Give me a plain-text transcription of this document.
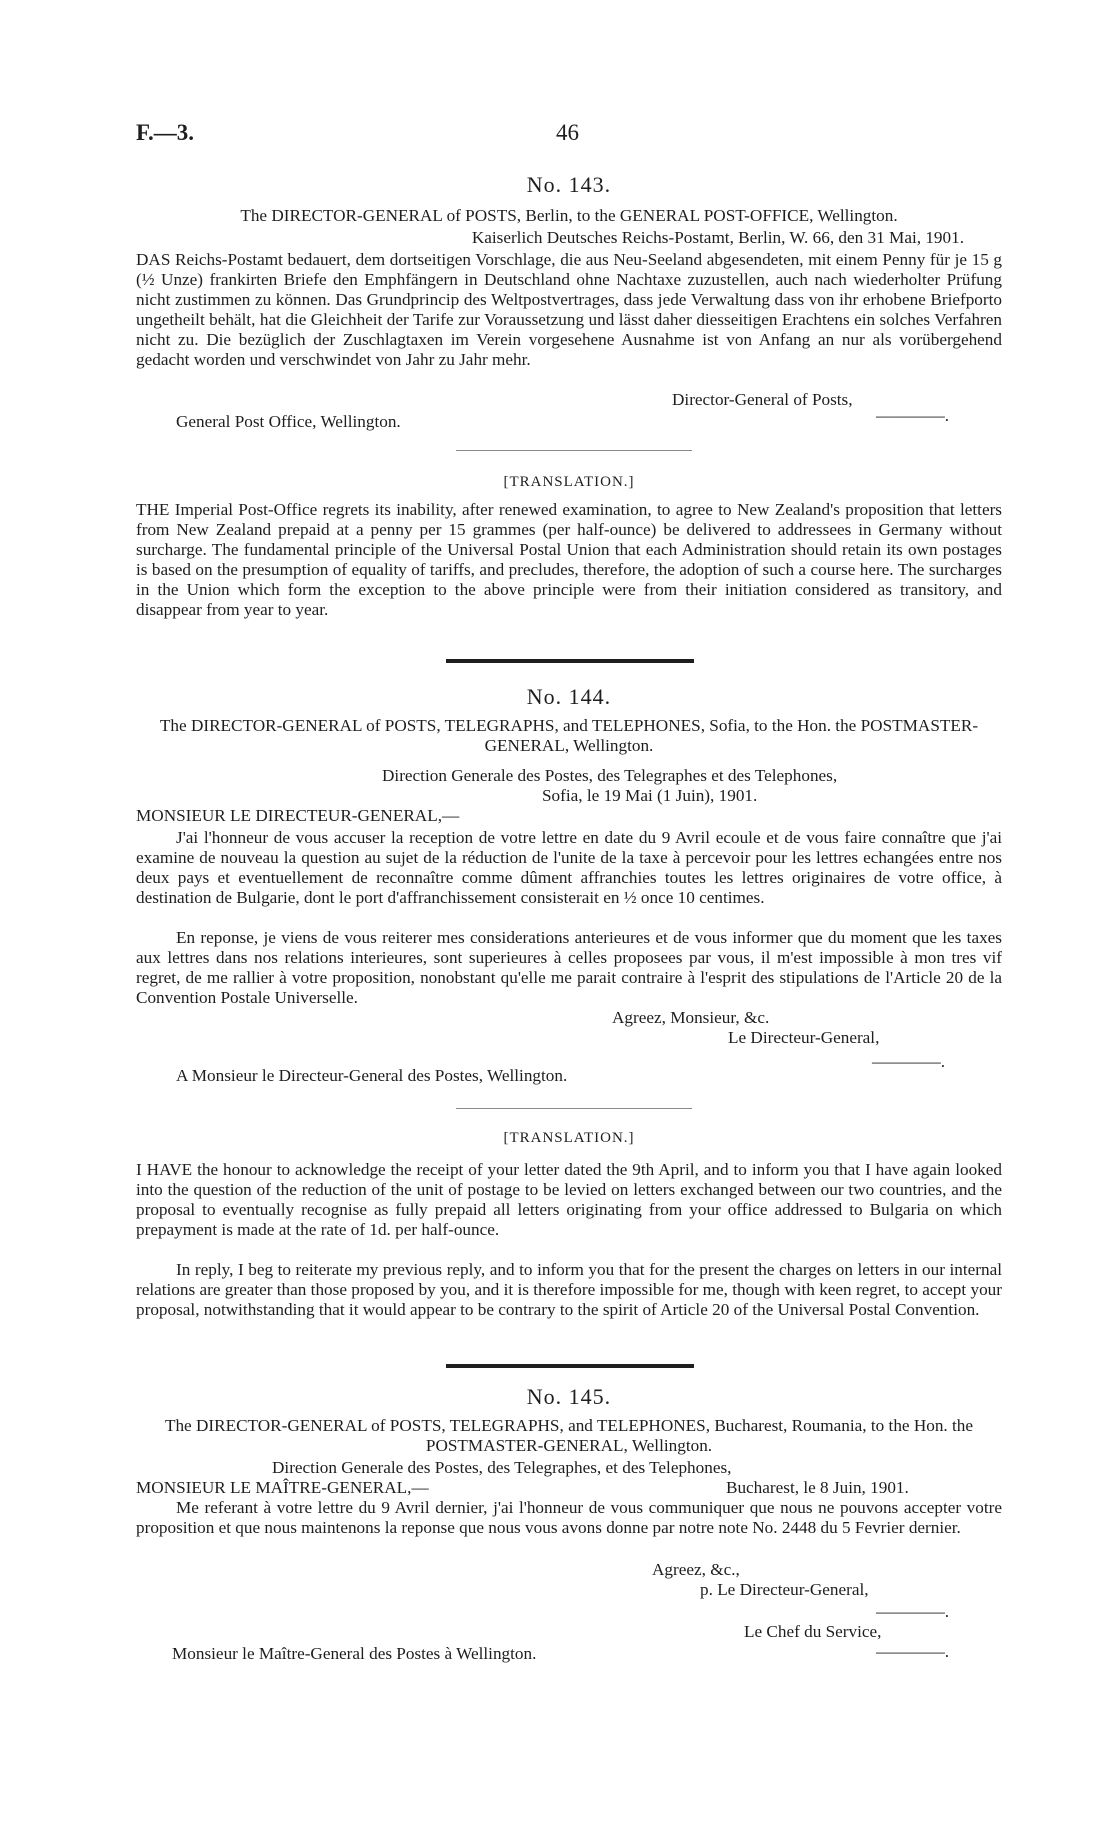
F.—3.	46
No. 143.
The DIRECTOR-GENERAL of POSTS, Berlin, to the GENERAL POST-OFFICE, Wellington.
Kaiserlich Deutsches Reichs-Postamt, Berlin, W. 66, den 31 Mai, 1901.
DAS Reichs-Postamt bedauert, dem dortseitigen Vorschlage, die aus Neu-Seeland abgesendeten, mit einem Penny für je 15 g (½ Unze) frankirten Briefe den Emphfängern in Deutschland ohne Nachtaxe zuzustellen, auch nach wiederholter Prüfung nicht zustimmen zu können. Das Grundprincip des Weltpostvertrages, dass jede Verwaltung dass von ihr erhobene Briefporto ungetheilt behält, hat die Gleichheit der Tarife zur Voraussetzung und lässt daher diesseitigen Erachtens ein solches Verfahren nicht zu. Die bezüglich der Zuschlagtaxen im Verein vorgesehene Ausnahme ist von Anfang an nur als vorübergehend gedacht worden und verschwindet von Jahr zu Jahr mehr.
Director-General of Posts,
General Post Office, Wellington.	————.
[TRANSLATION.]
THE Imperial Post-Office regrets its inability, after renewed examination, to agree to New Zealand's proposition that letters from New Zealand prepaid at a penny per 15 grammes (per half-ounce) be delivered to addressees in Germany without surcharge. The fundamental principle of the Universal Postal Union that each Administration should retain its own postages is based on the presumption of equality of tariffs, and precludes, therefore, the adoption of such a course here. The surcharges in the Union which form the exception to the above principle were from their initiation considered as transitory, and disappear from year to year.
No. 144.
The DIRECTOR-GENERAL of POSTS, TELEGRAPHS, and TELEPHONES, Sofia, to the Hon. the POSTMASTER-GENERAL, Wellington.
Direction Generale des Postes, des Telegraphes et des Telephones,
Sofia, le 19 Mai (1 Juin), 1901.
MONSIEUR LE DIRECTEUR-GENERAL,—
J'ai l'honneur de vous accuser la reception de votre lettre en date du 9 Avril ecoule et de vous faire connaître que j'ai examine de nouveau la question au sujet de la réduction de l'unite de la taxe à percevoir pour les lettres echangées entre nos deux pays et eventuellement de reconnaître comme dûment affranchies toutes les lettres originaires de votre office, à destination de Bulgarie, dont le port d'affranchissement consisterait en ½ once 10 centimes.
En reponse, je viens de vous reiterer mes considerations anterieures et de vous informer que du moment que les taxes aux lettres dans nos relations interieures, sont superieures à celles proposees par vous, il m'est impossible à mon tres vif regret, de me rallier à votre proposition, nonobstant qu'elle me parait contraire à l'esprit des stipulations de l'Article 20 de la Convention Postale Universelle.
Agreez, Monsieur, &c.
Le Directeur-General,
————.
A Monsieur le Directeur-General des Postes, Wellington.
[TRANSLATION.]
I HAVE the honour to acknowledge the receipt of your letter dated the 9th April, and to inform you that I have again looked into the question of the reduction of the unit of postage to be levied on letters exchanged between our two countries, and the proposal to eventually recognise as fully prepaid all letters originating from your office addressed to Bulgaria on which prepayment is made at the rate of 1d. per half-ounce.
In reply, I beg to reiterate my previous reply, and to inform you that for the present the charges on letters in our internal relations are greater than those proposed by you, and it is therefore impossible for me, though with keen regret, to accept your proposal, notwithstanding that it would appear to be contrary to the spirit of Article 20 of the Universal Postal Convention.
No. 145.
The DIRECTOR-GENERAL of POSTS, TELEGRAPHS, and TELEPHONES, Bucharest, Roumania, to the Hon. the POSTMASTER-GENERAL, Wellington.
Direction Generale des Postes, des Telegraphes, et des Telephones,
MONSIEUR LE MAÎTRE-GENERAL,—	Bucharest, le 8 Juin, 1901.
Me referant à votre lettre du 9 Avril dernier, j'ai l'honneur de vous communiquer que nous ne pouvons accepter votre proposition et que nous maintenons la reponse que nous vous avons donne par notre note No. 2448 du 5 Fevrier dernier.
Agreez, &c.,
p. Le Directeur-General,
————.
Le Chef du Service,
Monsieur le Maître-General des Postes à Wellington.	————.
